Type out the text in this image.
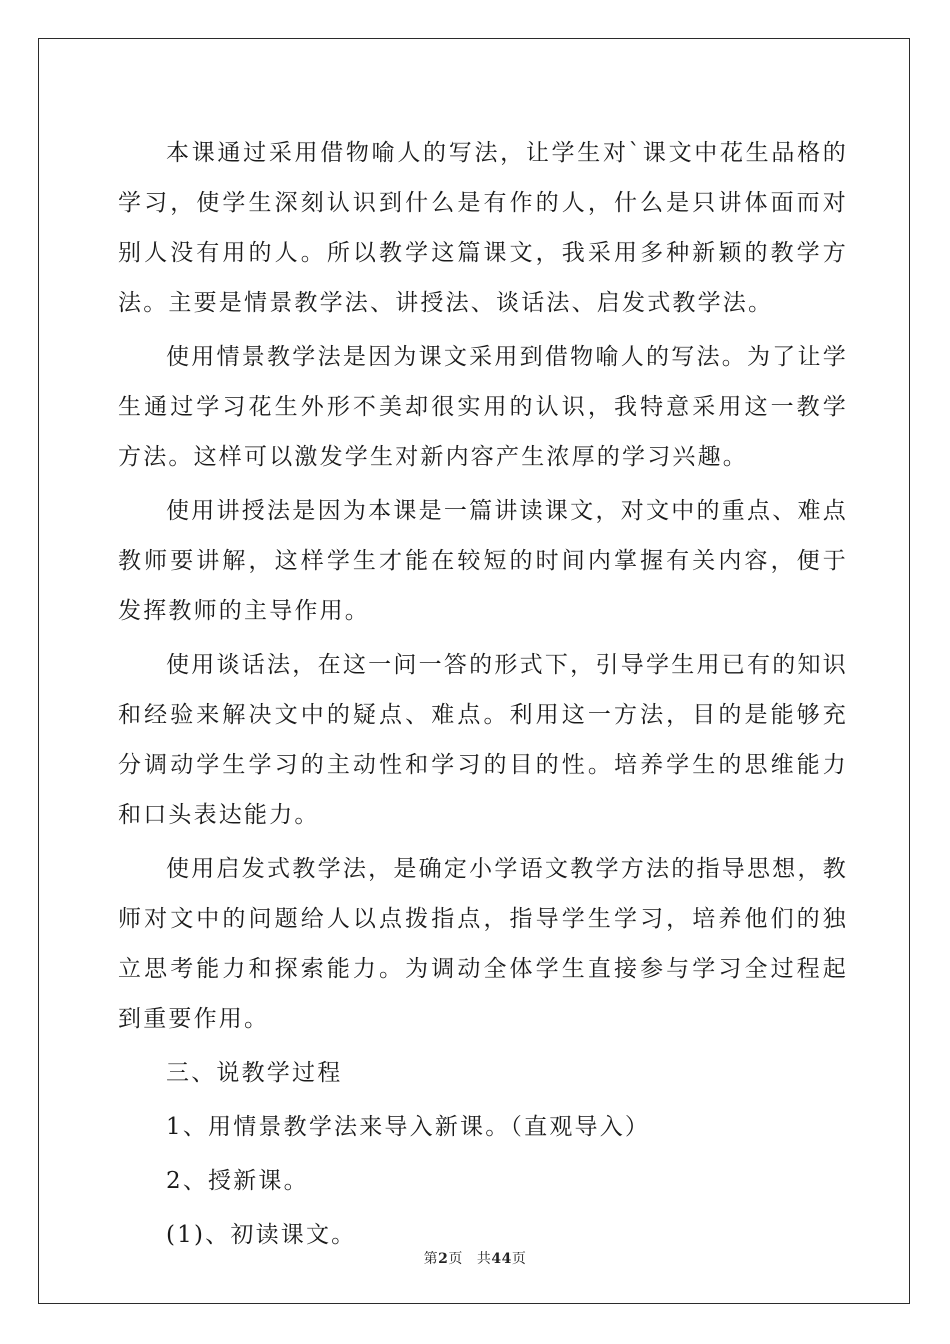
本课通过采用借物喻人的写法，让学生对`课文中花生品格的学习，使学生深刻认识到什么是有作的人，什么是只讲体面而对别人没有用的人。所以教学这篇课文，我采用多种新颖的教学方法。主要是情景教学法、讲授法、谈话法、启发式教学法。

使用情景教学法是因为课文采用到借物喻人的写法。为了让学生通过学习花生外形不美却很实用的认识，我特意采用这一教学方法。这样可以激发学生对新内容产生浓厚的学习兴趣。

使用讲授法是因为本课是一篇讲读课文，对文中的重点、难点教师要讲解，这样学生才能在较短的时间内掌握有关内容，便于发挥教师的主导作用。

使用谈话法，在这一问一答的形式下，引导学生用已有的知识和经验来解决文中的疑点、难点。利用这一方法，目的是能够充分调动学生学习的主动性和学习的目的性。培养学生的思维能力和口头表达能力。

使用启发式教学法，是确定小学语文教学方法的指导思想，教师对文中的问题给人以点拨指点，指导学生学习，培养他们的独立思考能力和探索能力。为调动全体学生直接参与学习全过程起到重要作用。

三、说教学过程

1、用情景教学法来导入新课。（直观导入）

2、授新课。

(1)、初读课文。

第2页 共44页
